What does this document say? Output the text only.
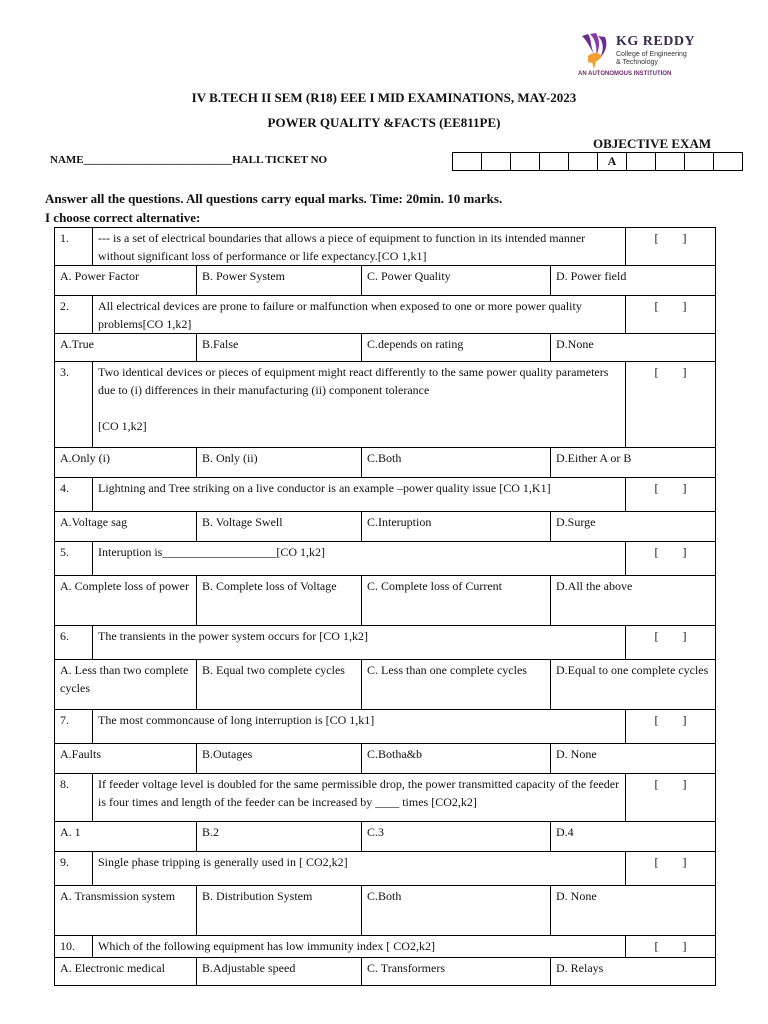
KG REDDY
College of Engineering
& Technology
AN AUTONOMOUS INSTITUTION
IV B.TECH II SEM (R18) EEE I MID EXAMINATIONS, MAY-2023
POWER QUALITY &FACTS (EE811PE)
OBJECTIVE EXAM
NAME___________________________HALL TICKET NO
						A				
Answer all the questions. All questions carry equal marks. Time: 20min. 10 marks.
I choose correct alternative:
1.	--- is a set of electrical boundaries that allows a piece of equipment to function in its intended manner without significant loss of performance or life expectancy.[CO 1,k1]				[        ]
A. Power Factor		B. Power System	C. Power Quality	D. Power field	
2.	All electrical devices are prone to failure or malfunction when exposed to one or more power quality problems[CO 1,k2]				[        ]
A.True		B.False	C.depends on rating	D.None	
3.	Two identical devices or pieces of equipment might react differently to the same power quality parameters due to (i) differences in their manufacturing (ii) component tolerance

[CO 1,k2]				[        ]
A.Only (i)		B. Only (ii)	C.Both	D.Either A or B	
4.	Lightning and Tree striking on a live conductor is an example –power quality issue [CO 1,K1]				[        ]
A.Voltage sag		B. Voltage Swell	C.Interuption	D.Surge	
5.	Interuption is___________________[CO 1,k2]				[        ]
A. Complete loss of power		B. Complete loss of Voltage	C. Complete loss of Current	D.All the above	
6.	The transients in the power system occurs for [CO 1,k2]				[        ]
A. Less than two complete cycles		B. Equal two complete cycles	C. Less than one complete cycles	D.Equal to one complete cycles	
7.	The most commoncause of long interruption is [CO 1,k1]				[        ]
A.Faults		B.Outages	C.Botha&b	D. None	
8.	If feeder voltage level is doubled for the same permissible drop, the power transmitted capacity of the feeder is four times and length of the feeder can be increased by ____ times [CO2,k2]				[        ]
A. 1		B.2	C.3	D.4	
9.	Single phase tripping is generally used in [ CO2,k2]				[        ]
A. Transmission system		B. Distribution System	C.Both	D. None	
10.	Which of the following equipment has low immunity index [ CO2,k2]				[        ]
A. Electronic medical		B.Adjustable speed	C. Transformers	D. Relays	
